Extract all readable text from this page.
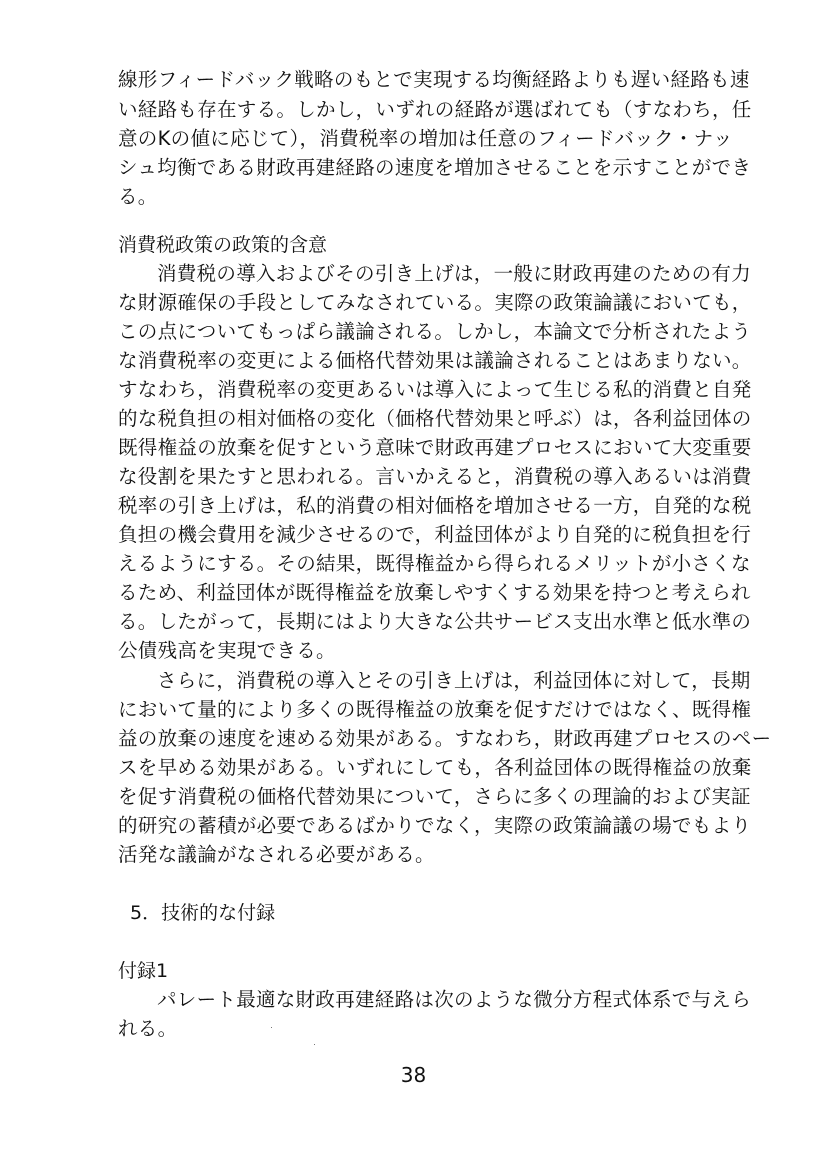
線形フィードバック戦略のもとで実現する均衡経路よりも遅い経路も速
い経路も存在する。しかし，いずれの経路が選ばれても（すなわち，任
意のKの値に応じて），消費税率の増加は任意のフィードバック・ナッ
シュ均衡である財政再建経路の速度を増加させることを示すことができ
る。
消費税政策の政策的含意
消費税の導入およびその引き上げは，一般に財政再建のための有力
な財源確保の手段としてみなされている。実際の政策論議においても，
この点についてもっぱら議論される。しかし，本論文で分析されたよう
な消費税率の変更による価格代替効果は議論されることはあまりない。
すなわち，消費税率の変更あるいは導入によって生じる私的消費と自発
的な税負担の相対価格の変化（価格代替効果と呼ぶ）は，各利益団体の
既得権益の放棄を促すという意味で財政再建プロセスにおいて大変重要
な役割を果たすと思われる。言いかえると，消費税の導入あるいは消費
税率の引き上げは，私的消費の相対価格を増加させる一方，自発的な税
負担の機会費用を減少させるので，利益団体がより自発的に税負担を行
えるようにする。その結果，既得権益から得られるメリットが小さくな
るため、利益団体が既得権益を放棄しやすくする効果を持つと考えられ
る。したがって，長期にはより大きな公共サービス支出水準と低水準の
公債残高を実現できる。
さらに，消費税の導入とその引き上げは，利益団体に対して，長期
において量的により多くの既得権益の放棄を促すだけではなく、既得権
益の放棄の速度を速める効果がある。すなわち，財政再建プロセスのペー
スを早める効果がある。いずれにしても，各利益団体の既得権益の放棄
を促す消費税の価格代替効果について，さらに多くの理論的および実証
的研究の蓄積が必要であるばかりでなく，実際の政策論議の場でもより
活発な議論がなされる必要がある。
5．技術的な付録
付録1
パレート最適な財政再建経路は次のような微分方程式体系で与えら
れる。
38
